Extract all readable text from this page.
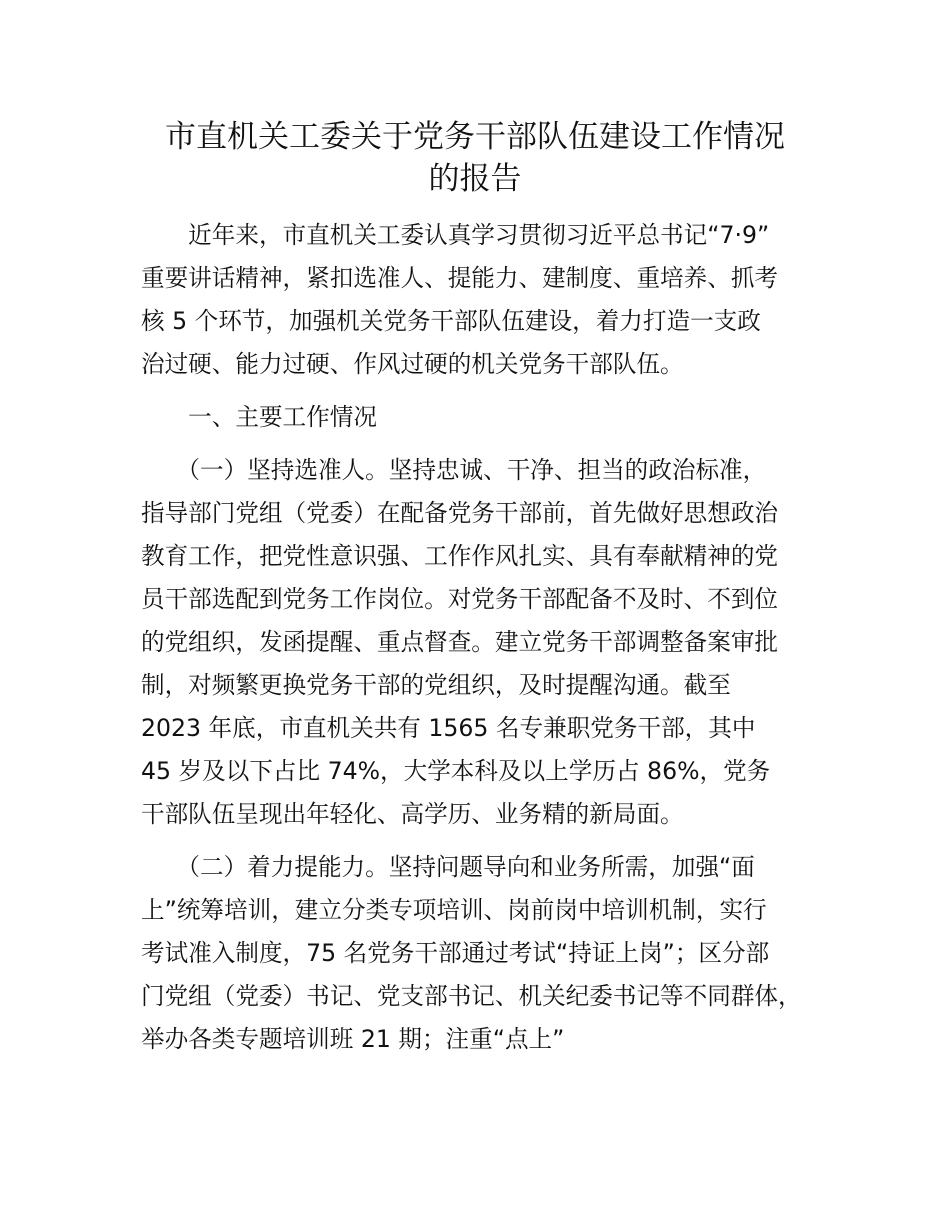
市直机关工委关于党务干部队伍建设工作情况
的报告

　　近年来，市直机关工委认真学习贯彻习近平总书记“7·9”

重要讲话精神，紧扣选准人、提能力、建制度、重培养、抓考

核 5 个环节，加强机关党务干部队伍建设，着力打造一支政

治过硬、能力过硬、作风过硬的机关党务干部队伍。

　　一、主要工作情况

　　（一）坚持选准人。坚持忠诚、干净、担当的政治标准，

指导部门党组（党委）在配备党务干部前，首先做好思想政治

教育工作，把党性意识强、工作作风扎实、具有奉献精神的党

员干部选配到党务工作岗位。对党务干部配备不及时、不到位

的党组织，发函提醒、重点督查。建立党务干部调整备案审批

制，对频繁更换党务干部的党组织，及时提醒沟通。截至

2023 年底，市直机关共有 1565 名专兼职党务干部，其中

45 岁及以下占比 74%，大学本科及以上学历占 86%，党务

干部队伍呈现出年轻化、高学历、业务精的新局面。

　　（二）着力提能力。坚持问题导向和业务所需，加强“面

上”统筹培训，建立分类专项培训、岗前岗中培训机制，实行

考试准入制度，75 名党务干部通过考试“持证上岗”；区分部

门党组（党委）书记、党支部书记、机关纪委书记等不同群体，

举办各类专题培训班 21 期；注重“点上”
